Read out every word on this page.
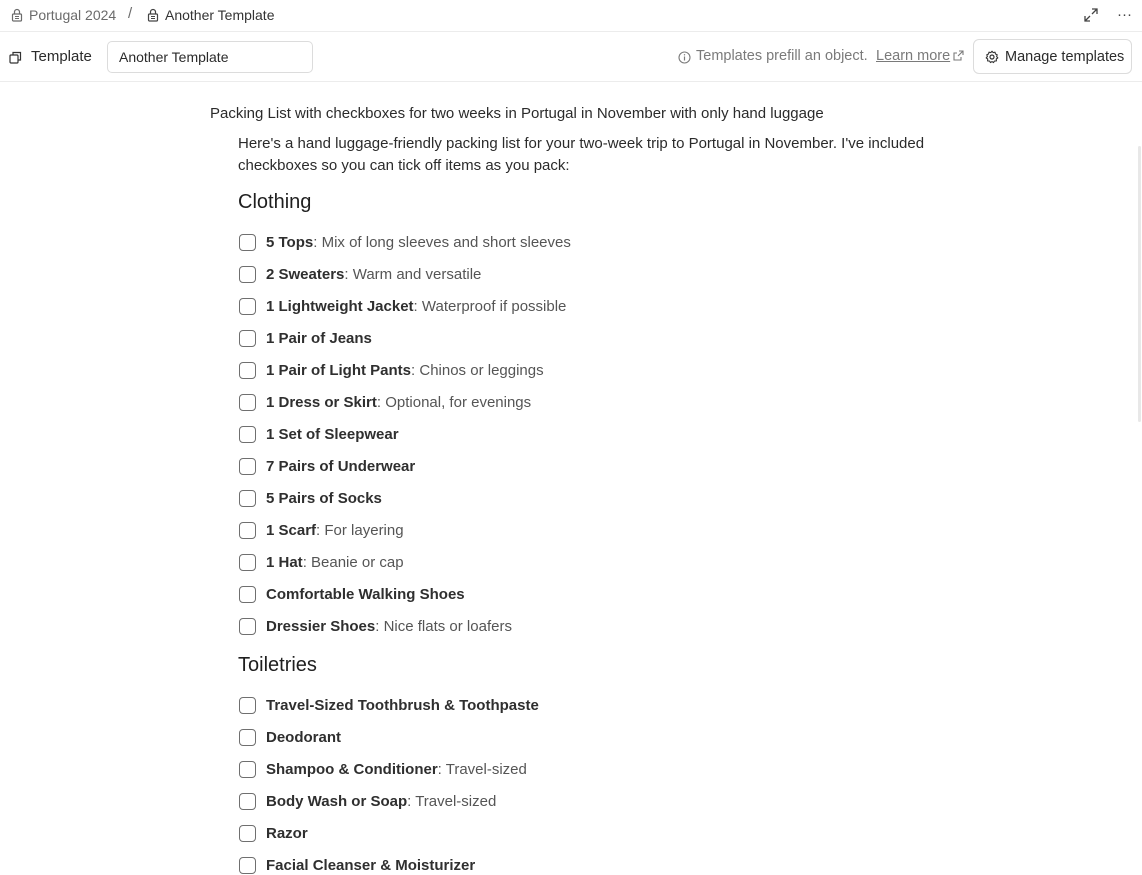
Portugal 2024 / Another Template	···
Template
Another Template	Templates prefill an object. Learn more	Manage templates
Packing List with checkboxes for two weeks in Portugal in November with only hand luggage
Here's a hand luggage-friendly packing list for your two-week trip to Portugal in November. I've included checkboxes so you can tick off items as you pack:
Clothing
5 Tops : Mix of long sleeves and short sleeves
2 Sweaters : Warm and versatile
1 Lightweight Jacket : Waterproof if possible
1 Pair of Jeans
1 Pair of Light Pants : Chinos or leggings
1 Dress or Skirt : Optional, for evenings
1 Set of Sleepwear
7 Pairs of Underwear
5 Pairs of Socks
1 Scarf : For layering
1 Hat : Beanie or cap
Comfortable Walking Shoes
Dressier Shoes : Nice flats or loafers
Toiletries
Travel-Sized Toothbrush & Toothpaste
Deodorant
Shampoo & Conditioner : Travel-sized
Body Wash or Soap : Travel-sized
Razor
Facial Cleanser & Moisturizer
